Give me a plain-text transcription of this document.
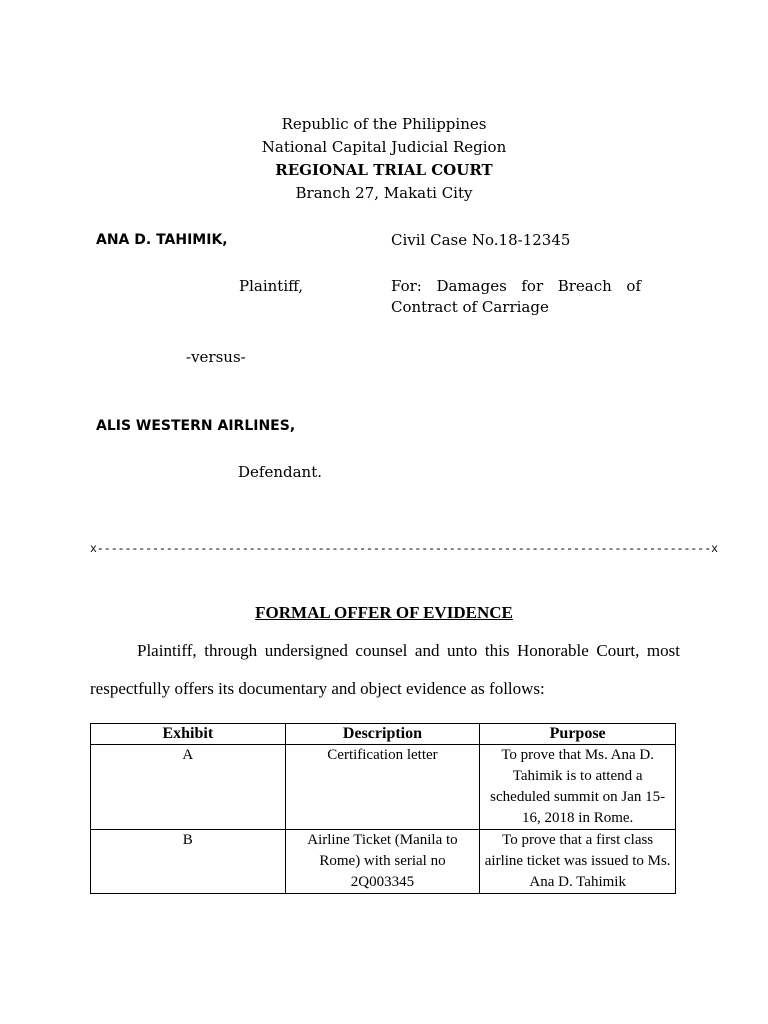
Republic of the Philippines
National Capital Judicial Region
REGIONAL TRIAL COURT
Branch 27, Makati City
ANA D. TAHIMIK,	Civil Case No.18-12345
Plaintiff,	For: Damages for Breach of Contract of Carriage
-versus-
ALIS WESTERN AIRLINES,
Defendant.
x-----------------------------------------------------------------------------------------x
FORMAL OFFER OF EVIDENCE
Plaintiff, through undersigned counsel and unto this Honorable Court, most respectfully offers its documentary and object evidence as follows:
Exhibit	Description	Purpose
A	Certification letter	To prove that Ms. Ana D. Tahimik is to attend a scheduled summit on Jan 15-16, 2018 in Rome.
B	Airline Ticket (Manila to Rome) with serial no 2Q003345	To prove that a first class airline ticket was issued to Ms. Ana D. Tahimik
